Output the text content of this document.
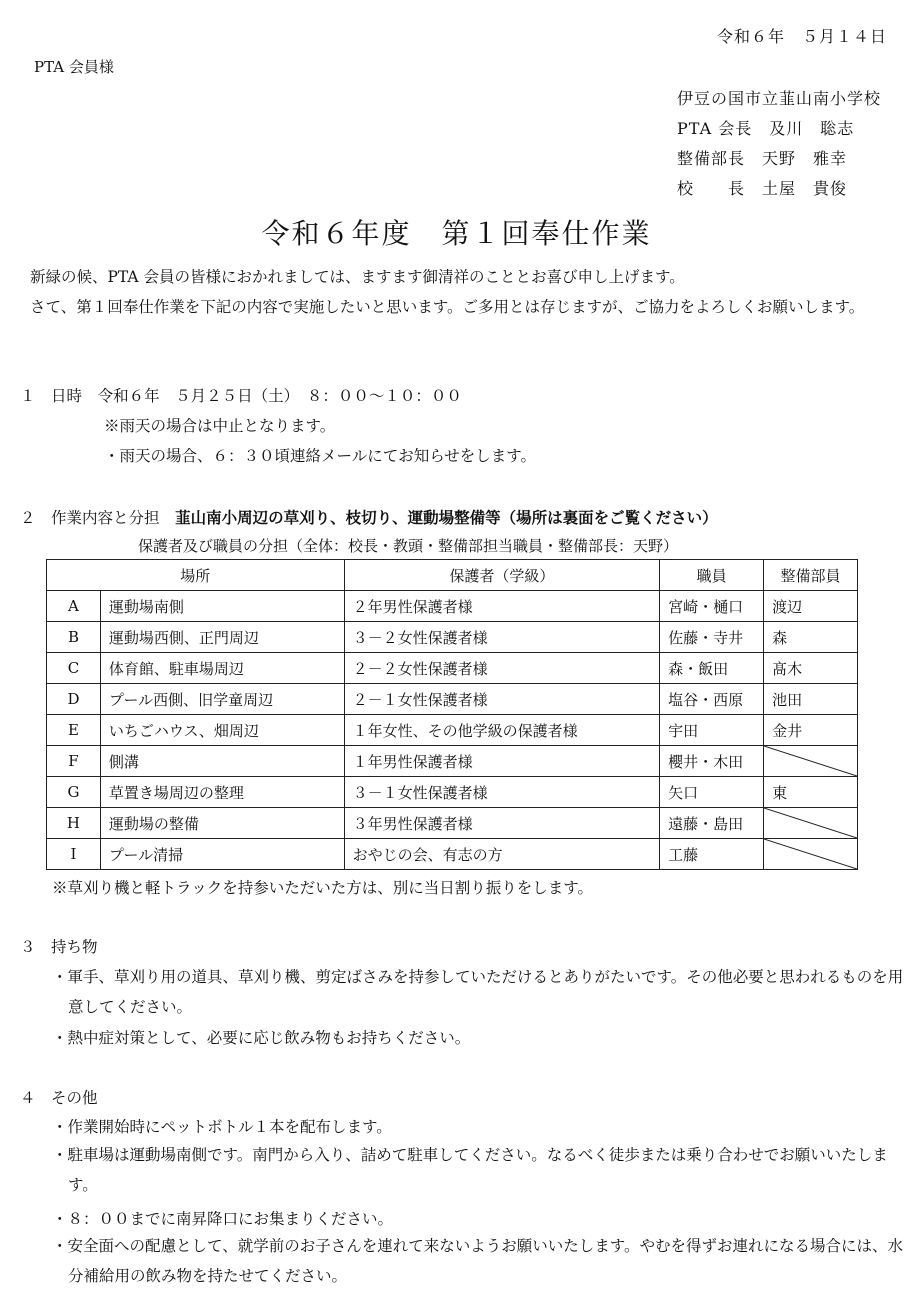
令和６年　５月１４日
PTA 会員様
伊豆の国市立韮山南小学校
PTA 会長　 及川　聡志
整備部長　 天野　雅幸
校　　長　 土屋　貴俊
令和６年度　第１回奉仕作業
新緑の候、PTA 会員の皆様におかれましては、ますます御清祥のこととお喜び申し上げます。
さて、第１回奉仕作業を下記の内容で実施したいと思います。ご多用とは存じますが、ご協力をよろしくお願いします。
１　 日時　 令和６年　５月２５日（土）　８：００～１０：００
※雨天の場合は中止となります。
・雨天の場合、６：３０頃連絡メールにてお知らせをします。
２　 作業内容と分担　 韮山南小周辺の草刈り、枝切り、運動場整備等（場所は裏面をご覧ください）
保護者及び職員の分担（全体：校長・教頭・整備部担当職員・整備部長：天野）
場所		保護者（学級）	職員	整備部員
A	運動場南側	２年男性保護者様	宮崎・樋口	渡辺
B	運動場西側、正門周辺	３－２女性保護者様	佐藤・寺井	森
C	体育館、駐車場周辺	２－２女性保護者様	森・飯田	髙木
D	プール西側、旧学童周辺	２－１女性保護者様	塩谷・西原	池田
E	いちごハウス、畑周辺	１年女性、その他学級の保護者様	宇田	金井
F	側溝	１年男性保護者様	櫻井・木田	

G	草置き場周辺の整理	３－１女性保護者様	矢口	東
H	運動場の整備	３年男性保護者様	遠藤・島田	

I	プール清掃	おやじの会、有志の方	工藤	
※草刈り機と軽トラックを持参いただいた方は、別に当日割り振りをします。
３　 持ち物
・軍手、草刈り用の道具、草刈り機、剪定ばさみを持参していただけるとありがたいです。その他必要と思われるものを用意してください。
・熱中症対策として、必要に応じ飲み物もお持ちください。
４　 その他
・作業開始時にペットボトル１本を配布します。
・駐車場は運動場南側です。南門から入り、詰めて駐車してください。なるべく徒歩または乗り合わせでお願いいたします。
・８：００までに南昇降口にお集まりください。
・安全面への配慮として、就学前のお子さんを連れて来ないようお願いいたします。やむを得ずお連れになる場合には、水分補給用の飲み物を持たせてください。
